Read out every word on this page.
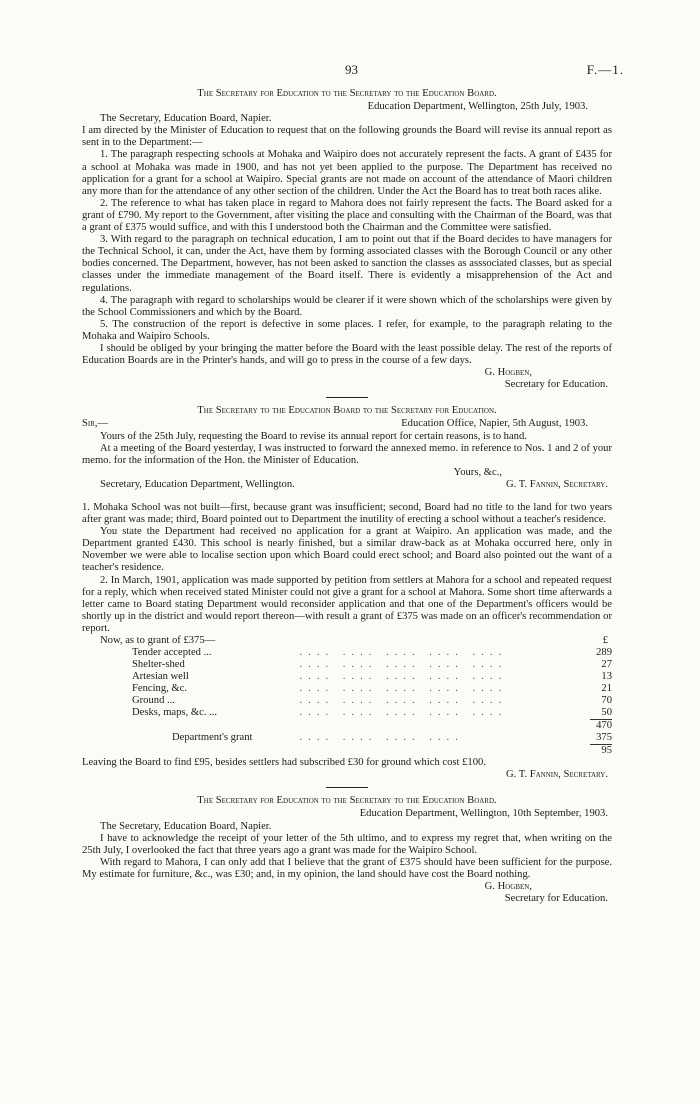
93	F.—1.

The Secretary for Education to the Secretary to the Education Board.

Education Department, Wellington, 25th July, 1903.

The Secretary, Education Board, Napier.

I am directed by the Minister of Education to request that on the following grounds the Board will revise its annual report as sent in to the Department:—

1. The paragraph respecting schools at Mohaka and Waipiro does not accurately represent the facts. A grant of £435 for a school at Mohaka was made in 1900, and has not yet been applied to the purpose. The Department has received no application for a grant for a school at Waipiro. Special grants are not made on account of the attendance of Maori children any more than for the attendance of any other section of the children. Under the Act the Board has to treat both races alike.

2. The reference to what has taken place in regard to Mahora does not fairly represent the facts. The Board asked for a grant of £790. My report to the Government, after visiting the place and consulting with the Chairman of the Board, was that a grant of £375 would suffice, and with this I understood both the Chairman and the Committee were satisfied.

3. With regard to the paragraph on technical education, I am to point out that if the Board decides to have managers for the Technical School, it can, under the Act, have them by forming associated classes with the Borough Council or any other bodies concerned. The Department, however, has not been asked to sanction the classes as asssociated classes, but as special classes under the immediate management of the Board itself. There is evidently a misapprehension of the Act and regulations.

4. The paragraph with regard to scholarships would be clearer if it were shown which of the scholarships were given by the School Commissioners and which by the Board.

5. The construction of the report is defective in some places. I refer, for example, to the paragraph relating to the Mohaka and Waipiro Schools.

I should be obliged by your bringing the matter before the Board with the least possible delay. The rest of the reports of Education Boards are in the Printer's hands, and will go to press in the course of a few days.

G. Hogben,

Secretary for Education.

The Secretary to the Education Board to the Secretary for Education.

Sir,—	Education Office, Napier, 5th August, 1903.

Yours of the 25th July, requesting the Board to revise its annual report for certain reasons, is to hand.

At a meeting of the Board yesterday, I was instructed to forward the annexed memo. in reference to Nos. 1 and 2 of your memo. for the information of the Hon. the Minister of Education.

Yours, &c.,

Secretary, Education Department, Wellington.	G. T. Fannin, Secretary.

1. Mohaka School was not built—first, because grant was insufficient; second, Board had no title to the land for two years after grant was made; third, Board pointed out to Department the inutility of erecting a school without a teacher's residence.

You state the Department had received no application for a grant at Waipiro. An application was made, and the Department granted £430. This school is nearly finished, but a similar draw-back as at Mohaka occurred here, only in November we were able to localise section upon which Board could erect school; and Board also pointed out the want of a teacher's residence.

2. In March, 1901, application was made supported by petition from settlers at Mahora for a school and repeated request for a reply, which when received stated Minister could not give a grant for a school at Mahora. Some short time afterwards a letter came to Board stating Department would reconsider application and that one of the Department's officers would be shortly up in the district and would report thereon—with result a grant of £375 was made on an officer's recommendation or report.

Now, as to grant of £375—	£
Tender accepted ...	.... .... .... .... ....	289
Shelter-shed	.... .... .... .... ....	27
Artesian well	.... .... .... .... ....	13
Fencing, &c.	.... .... .... .... ....	21
Ground ...	.... .... .... .... ....	70
Desks, maps, &c. ...	.... .... .... .... ....	50

		470
Department's grant	.... .... .... ....	375

		95

Leaving the Board to find £95, besides settlers had subscribed £30 for ground which cost £100.

G. T. Fannin, Secretary.

The Secretary for Education to the Secretary to the Education Board.

Education Department, Wellington, 10th September, 1903.

The Secretary, Education Board, Napier.

I have to acknowledge the receipt of your letter of the 5th ultimo, and to express my regret that, when writing on the 25th July, I overlooked the fact that three years ago a grant was made for the Waipiro School.

With regard to Mahora, I can only add that I believe that the grant of £375 should have been sufficient for the purpose. My estimate for furniture, &c., was £30; and, in my opinion, the land should have cost the Board nothing.

G. Hogben,

Secretary for Education.
